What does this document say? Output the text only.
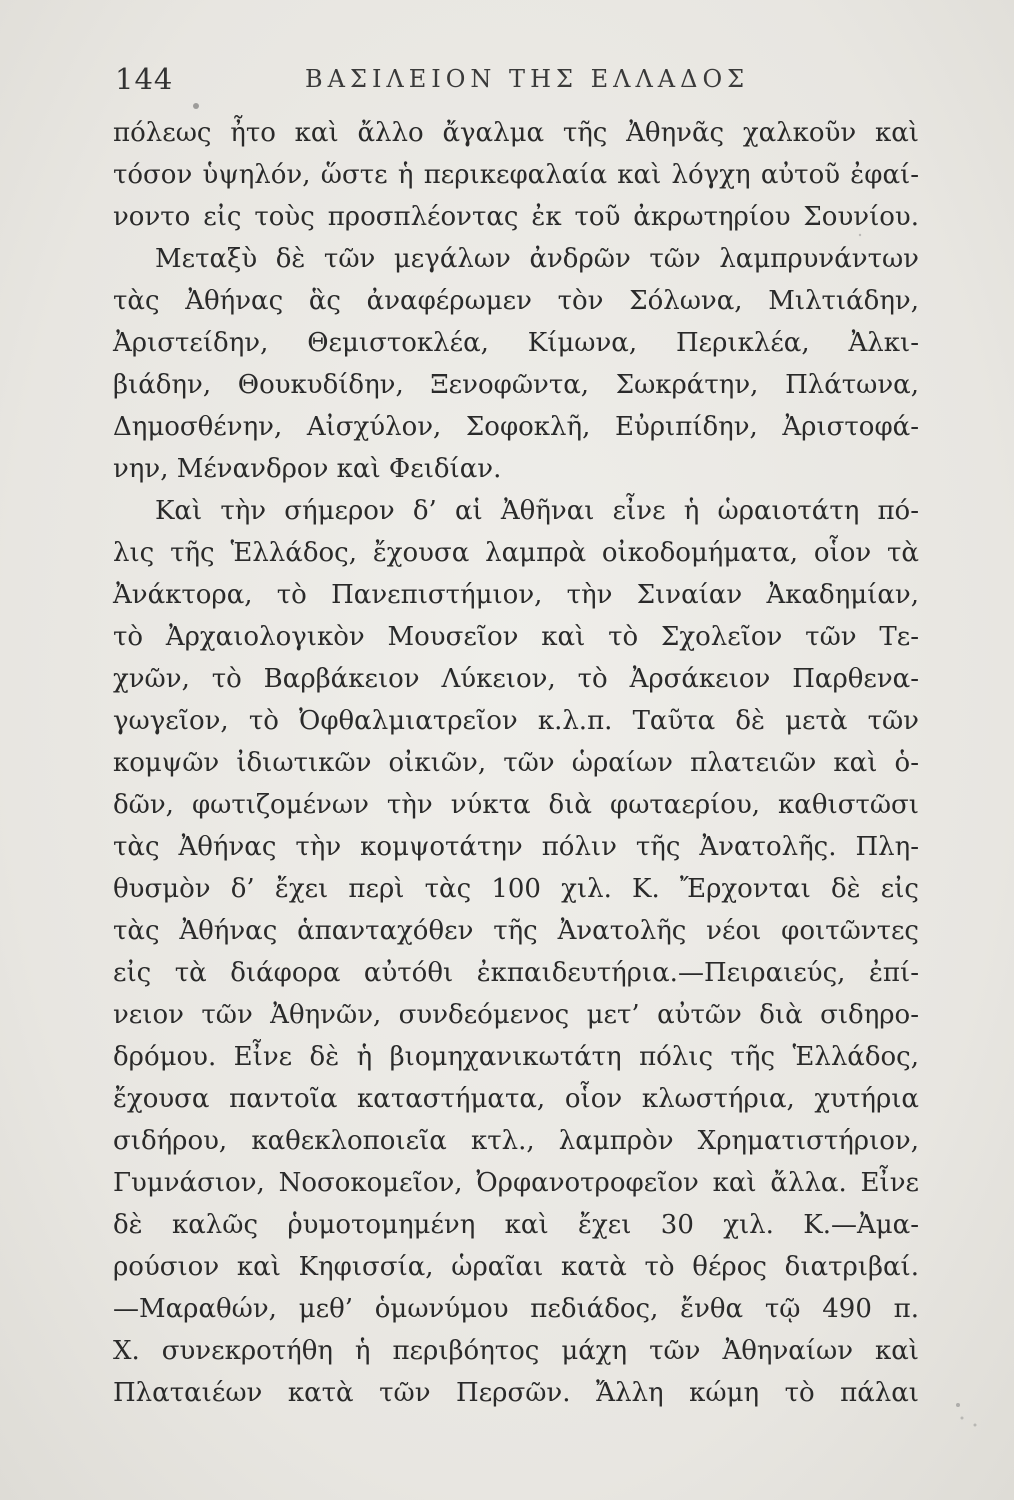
144	ΒΑΣΙΛΕΙΟΝ ΤΗΣ ΕΛΛΑΔΟΣ
πόλεως ἦτο καὶ ἄλλο ἄγαλμα τῆς Ἀθηνᾶς χαλκοῦν καὶ
τόσον ὑψηλόν, ὥστε ἡ περικεφαλαία καὶ λόγχη αὐτοῦ ἐφαί-
νοντο εἰς τοὺς προσπλέοντας ἐκ τοῦ ἀκρωτηρίου Σουνίου.
Μεταξὺ δὲ τῶν μεγάλων ἀνδρῶν τῶν λαμπρυνάντων
τὰς Ἀθήνας ἃς ἀναφέρωμεν τὸν Σόλωνα, Μιλτιάδην,
Ἀριστείδην, Θεμιστοκλέα, Κίμωνα, Περικλέα, Ἀλκι-
βιάδην, Θουκυδίδην, Ξενοφῶντα, Σωκράτην, Πλάτωνα,
Δημοσθένην, Αἰσχύλον, Σοφοκλῆ, Εὐριπίδην, Ἀριστοφά-
νην, Μένανδρον καὶ Φειδίαν.
Καὶ τὴν σήμερον δ’ αἱ Ἀθῆναι εἶνε ἡ ὡραιοτάτη πό-
λις τῆς Ἑλλάδος, ἔχουσα λαμπρὰ οἰκοδομήματα, οἷον τὰ
Ἀνάκτορα, τὸ Πανεπιστήμιον, τὴν Σιναίαν Ἀκαδημίαν,
τὸ Ἀρχαιολογικὸν Μουσεῖον καὶ τὸ Σχολεῖον τῶν Τε-
χνῶν, τὸ Βαρβάκειον Λύκειον, τὸ Ἀρσάκειον Παρθενα-
γωγεῖον, τὸ Ὀφθαλμιατρεῖον κ.λ.π. Ταῦτα δὲ μετὰ τῶν
κομψῶν ἰδιωτικῶν οἰκιῶν, τῶν ὡραίων πλατειῶν καὶ ὁ-
δῶν, φωτιζομένων τὴν νύκτα διὰ φωταερίου, καθιστῶσι
τὰς Ἀθήνας τὴν κομψοτάτην πόλιν τῆς Ἀνατολῆς. Πλη-
θυσμὸν δ’ ἔχει περὶ τὰς 100 χιλ. Κ. Ἔρχονται δὲ εἰς
τὰς Ἀθήνας ἁπανταχόθεν τῆς Ἀνατολῆς νέοι φοιτῶντες
εἰς τὰ διάφορα αὐτόθι ἐκπαιδευτήρια.—Πειραιεύς, ἐπί-
νειον τῶν Ἀθηνῶν, συνδεόμενος μετ’ αὐτῶν διὰ σιδηρο-
δρόμου. Εἶνε δὲ ἡ βιομηχανικωτάτη πόλις τῆς Ἑλλάδος,
ἔχουσα παντοῖα καταστήματα, οἷον κλωστήρια, χυτήρια
σιδήρου, καθεκλοποιεῖα κτλ., λαμπρὸν Χρηματιστήριον,
Γυμνάσιον, Νοσοκομεῖον, Ὀρφανοτροφεῖον καὶ ἄλλα. Εἶνε
δὲ καλῶς ῥυμοτομημένη καὶ ἔχει 30 χιλ. Κ.—Ἀμα-
ρούσιον καὶ Κηφισσία, ὡραῖαι κατὰ τὸ θέρος διατριβαί.
—Μαραθών, μεθ’ ὁμωνύμου πεδιάδος, ἔνθα τῷ 490 π.
Χ. συνεκροτήθη ἡ περιβόητος μάχη τῶν Ἀθηναίων καὶ
Πλαταιέων κατὰ τῶν Περσῶν. Ἄλλη κώμη τὸ πάλαι
